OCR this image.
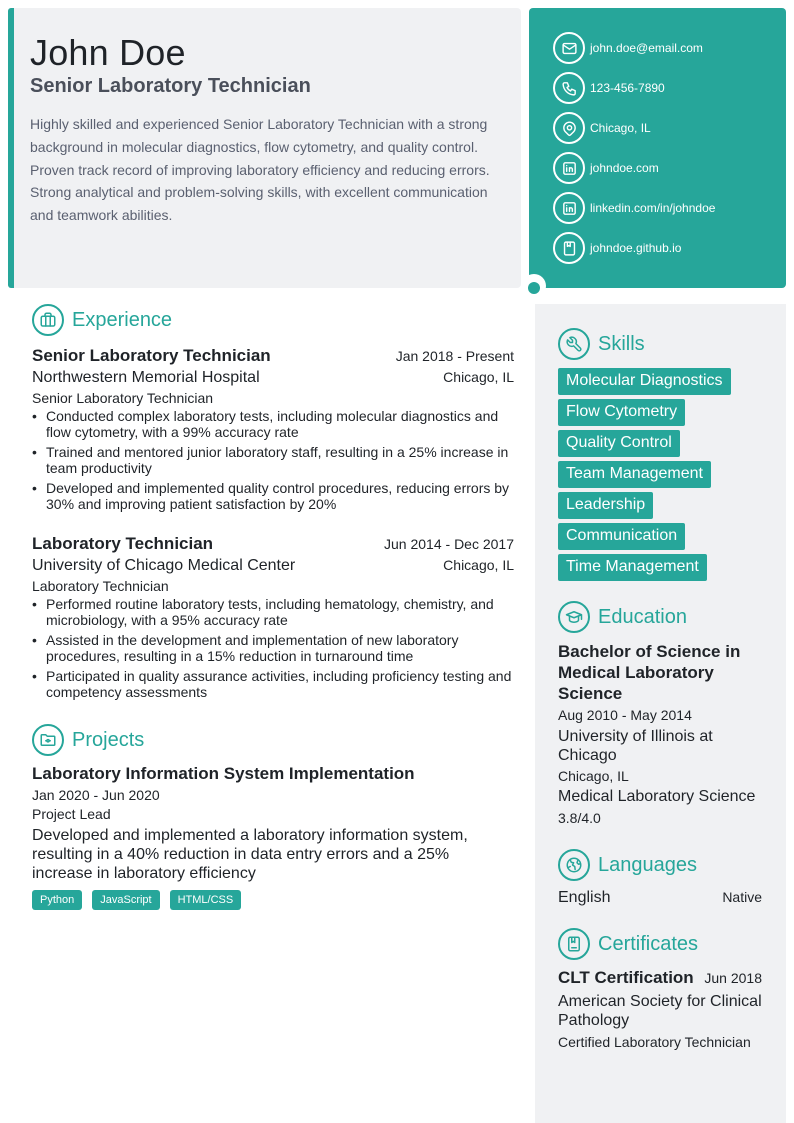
John Doe
Senior Laboratory Technician

Highly skilled and experienced Senior Laboratory Technician with a strong background in molecular diagnostics, flow cytometry, and quality control. Proven track record of improving laboratory efficiency and reducing errors. Strong analytical and problem-solving skills, with excellent communication and teamwork abilities.

john.doe@email.com
123-456-7890
Chicago, IL
johndoe.com
linkedin.com/in/johndoe
johndoe.github.io
Experience
Senior Laboratory Technician	Jan 2018 - Present
Northwestern Memorial Hospital	Chicago, IL
Senior Laboratory Technician
• Conducted complex laboratory tests, including molecular diagnostics and flow cytometry, with a 99% accuracy rate
• Trained and mentored junior laboratory staff, resulting in a 25% increase in team productivity
• Developed and implemented quality control procedures, reducing errors by 30% and improving patient satisfaction by 20%
Laboratory Technician	Jun 2014 - Dec 2017
University of Chicago Medical Center	Chicago, IL
Laboratory Technician
• Performed routine laboratory tests, including hematology, chemistry, and microbiology, with a 95% accuracy rate
• Assisted in the development and implementation of new laboratory procedures, resulting in a 15% reduction in turnaround time
• Participated in quality assurance activities, including proficiency testing and competency assessments
Projects
Laboratory Information System Implementation
Jan 2020 - Jun 2020
Project Lead
Developed and implemented a laboratory information system, resulting in a 40% reduction in data entry errors and a 25% increase in laboratory efficiency
Python	JavaScript	HTML/CSS
Skills
Molecular Diagnostics
Flow Cytometry
Quality Control
Team Management
Leadership
Communication
Time Management
Education
Bachelor of Science in Medical Laboratory Science
Aug 2010 - May 2014
University of Illinois at Chicago
Chicago, IL
Medical Laboratory Science
3.8/4.0
Languages
English	Native
Certificates
CLT Certification Jun 2018
American Society for Clinical Pathology
Certified Laboratory Technician
